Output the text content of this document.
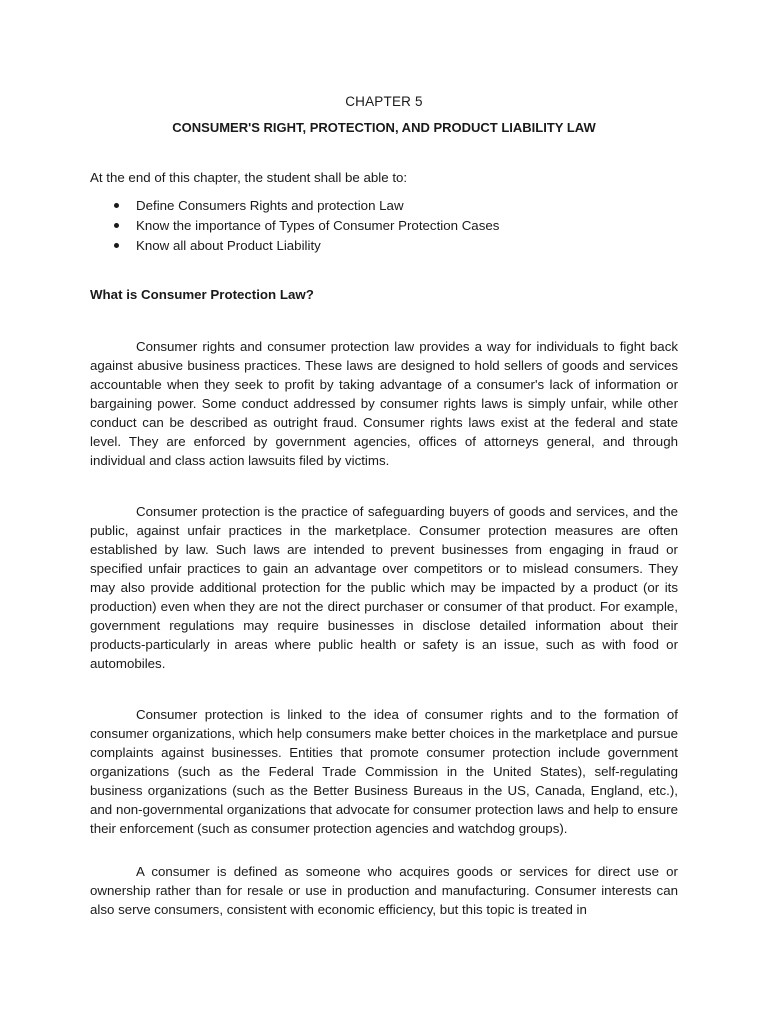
CHAPTER 5
CONSUMER'S RIGHT, PROTECTION, AND PRODUCT LIABILITY LAW
At the end of this chapter, the student shall be able to:
Define Consumers Rights and protection Law
Know the importance of Types of Consumer Protection Cases
Know all about Product Liability
What is Consumer Protection Law?

Consumer rights and consumer protection law provides a way for individuals to fight back against abusive business practices. These laws are designed to hold sellers of goods and services accountable when they seek to profit by taking advantage of a consumer's lack of information or bargaining power. Some conduct addressed by consumer rights laws is simply unfair, while other conduct can be described as outright fraud. Consumer rights laws exist at the federal and state level. They are enforced by government agencies, offices of attorneys general, and through individual and class action lawsuits filed by victims.

Consumer protection is the practice of safeguarding buyers of goods and services, and the public, against unfair practices in the marketplace. Consumer protection measures are often established by law. Such laws are intended to prevent businesses from engaging in fraud or specified unfair practices to gain an advantage over competitors or to mislead consumers. They may also provide additional protection for the public which may be impacted by a product (or its production) even when they are not the direct purchaser or consumer of that product. For example, government regulations may require businesses in disclose detailed information about their products-particularly in areas where public health or safety is an issue, such as with food or automobiles.

Consumer protection is linked to the idea of consumer rights and to the formation of consumer organizations, which help consumers make better choices in the marketplace and pursue complaints against businesses. Entities that promote consumer protection include government organizations (such as the Federal Trade Commission in the United States), self-regulating business organizations (such as the Better Business Bureaus in the US, Canada, England, etc.), and non-governmental organizations that advocate for consumer protection laws and help to ensure their enforcement (such as consumer protection agencies and watchdog groups).

A consumer is defined as someone who acquires goods or services for direct use or ownership rather than for resale or use in production and manufacturing. Consumer interests can also serve consumers, consistent with economic efficiency, but this topic is treated in
